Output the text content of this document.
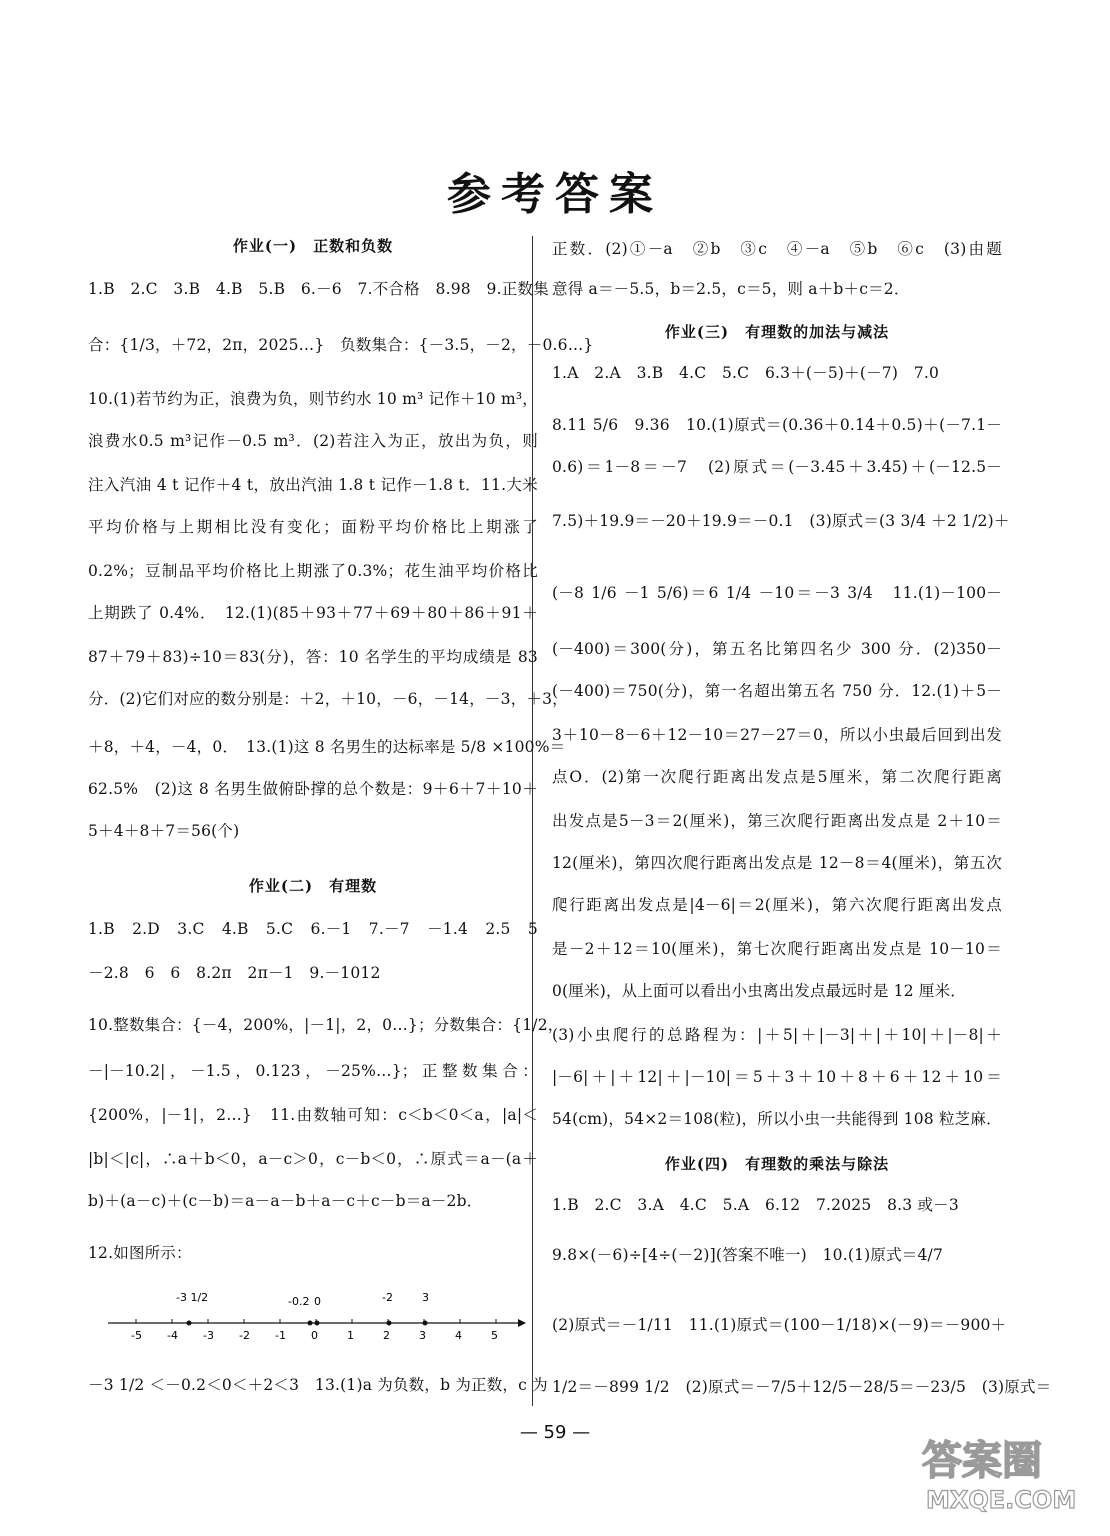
参考答案
作业(一)　正数和负数
1.B　2.C　3.B　4.B　5.B　6.－6　7.不合格　8.98　9.正数集
合：{1/3，＋72，2π，2025…}　负数集合：{－3.5，－2，－0.6…}
10.(1)若节约为正，浪费为负，则节约水 10 m³ 记作＋10 m³，
浪费水0.5 m³记作－0.5 m³．(2)若注入为正，放出为负，则
注入汽油 4 t 记作＋4 t，放出汽油 1.8 t 记作－1.8 t．11.大米
平均价格与上期相比没有变化；面粉平均价格比上期涨了
0.2%；豆制品平均价格比上期涨了0.3%；花生油平均价格比
上期跌了 0.4%．　12.(1)(85＋93＋77＋69＋80＋86＋91＋
87＋79＋83)÷10＝83(分)，答：10 名学生的平均成绩是 83
分．(2)它们对应的数分别是：＋2，＋10，－6，－14，－3，＋3，
＋8，＋4，－4，0．　13.(1)这 8 名男生的达标率是 5/8 ×100%＝
62.5%　(2)这 8 名男生做俯卧撑的总个数是：9＋6＋7＋10＋
5＋4＋8＋7＝56(个)
作业(二)　有理数
1.B　2.D　3.C　4.B　5.C　6.－1　7.－7　－1.4　2.5　5
－2.8　6　6　8.2π　2π－1　9.－1012
10.整数集合：{－4，200%，|－1|，2，0…}；分数集合：{1/2，
－|－10.2|，－1.5，0.123，－25%…}；正整数集合：
{200%，|－1|，2…}　11.由数轴可知：c＜b＜0＜a，|a|＜
|b|＜|c|，∴a＋b＜0，a－c＞0，c－b＜0，∴原式＝a－(a＋
b)＋(a－c)＋(c－b)＝a－a－b＋a－c＋c－b＝a－2b．
12.如图所示：
－3 1/2 ＜－0.2＜0＜＋2＜3　13.(1)a 为负数，b 为正数，c 为
正数．(2)①－a　②b　③c　④－a　⑤b　⑥c　(3)由题
意得 a＝－5.5，b＝2.5，c＝5，则 a＋b＋c＝2．
作业(三)　有理数的加法与减法
1.A　2.A　3.B　4.C　5.C　6.3＋(－5)＋(－7)　7.0
8.11 5/6　9.36　10.(1)原式＝(0.36＋0.14＋0.5)＋(－7.1－
0.6)＝1－8＝－7　(2)原式＝(－3.45＋3.45)＋(－12.5－
7.5)＋19.9＝－20＋19.9＝－0.1　(3)原式＝(3 3/4 ＋2 1/2)＋
(－8 1/6 －1 5/6)＝6 1/4 －10＝－3 3/4　11.(1)－100－
(－400)＝300(分)，第五名比第四名少 300 分．(2)350－
(－400)＝750(分)，第一名超出第五名 750 分．12.(1)＋5－
3＋10－8－6＋12－10＝27－27＝0，所以小虫最后回到出发
点O．(2)第一次爬行距离出发点是5厘米，第二次爬行距离
出发点是5－3＝2(厘米)，第三次爬行距离出发点是 2＋10＝
12(厘米)，第四次爬行距离出发点是 12－8＝4(厘米)，第五次
爬行距离出发点是|4－6|＝2(厘米)，第六次爬行距离出发点
是－2＋12＝10(厘米)，第七次爬行距离出发点是 10－10＝
0(厘米)，从上面可以看出小虫离出发点最远时是 12 厘米．
(3)小虫爬行的总路程为：|＋5|＋|－3|＋|＋10|＋|－8|＋
|－6|＋|＋12|＋|－10|＝5＋3＋10＋8＋6＋12＋10＝
54(cm)，54×2＝108(粒)，所以小虫一共能得到 108 粒芝麻．
作业(四)　有理数的乘法与除法
1.B　2.C　3.A　4.C　5.A　6.12　7.2025　8.3 或－3
9.8×(－6)÷[4÷(－2)](答案不唯一)　10.(1)原式＝4/7
(2)原式＝－1/11　11.(1)原式＝(100－1/18)×(－9)＝－900＋
1/2＝－899 1/2　(2)原式＝－7/5＋12/5－28/5＝－23/5　(3)原式＝
-5 -4 -3 -2 -1 0	1	2	3	4	5
-3 1/2	-0.2 0	-2	3
— 59 —
答案圈
MXQE.COM
